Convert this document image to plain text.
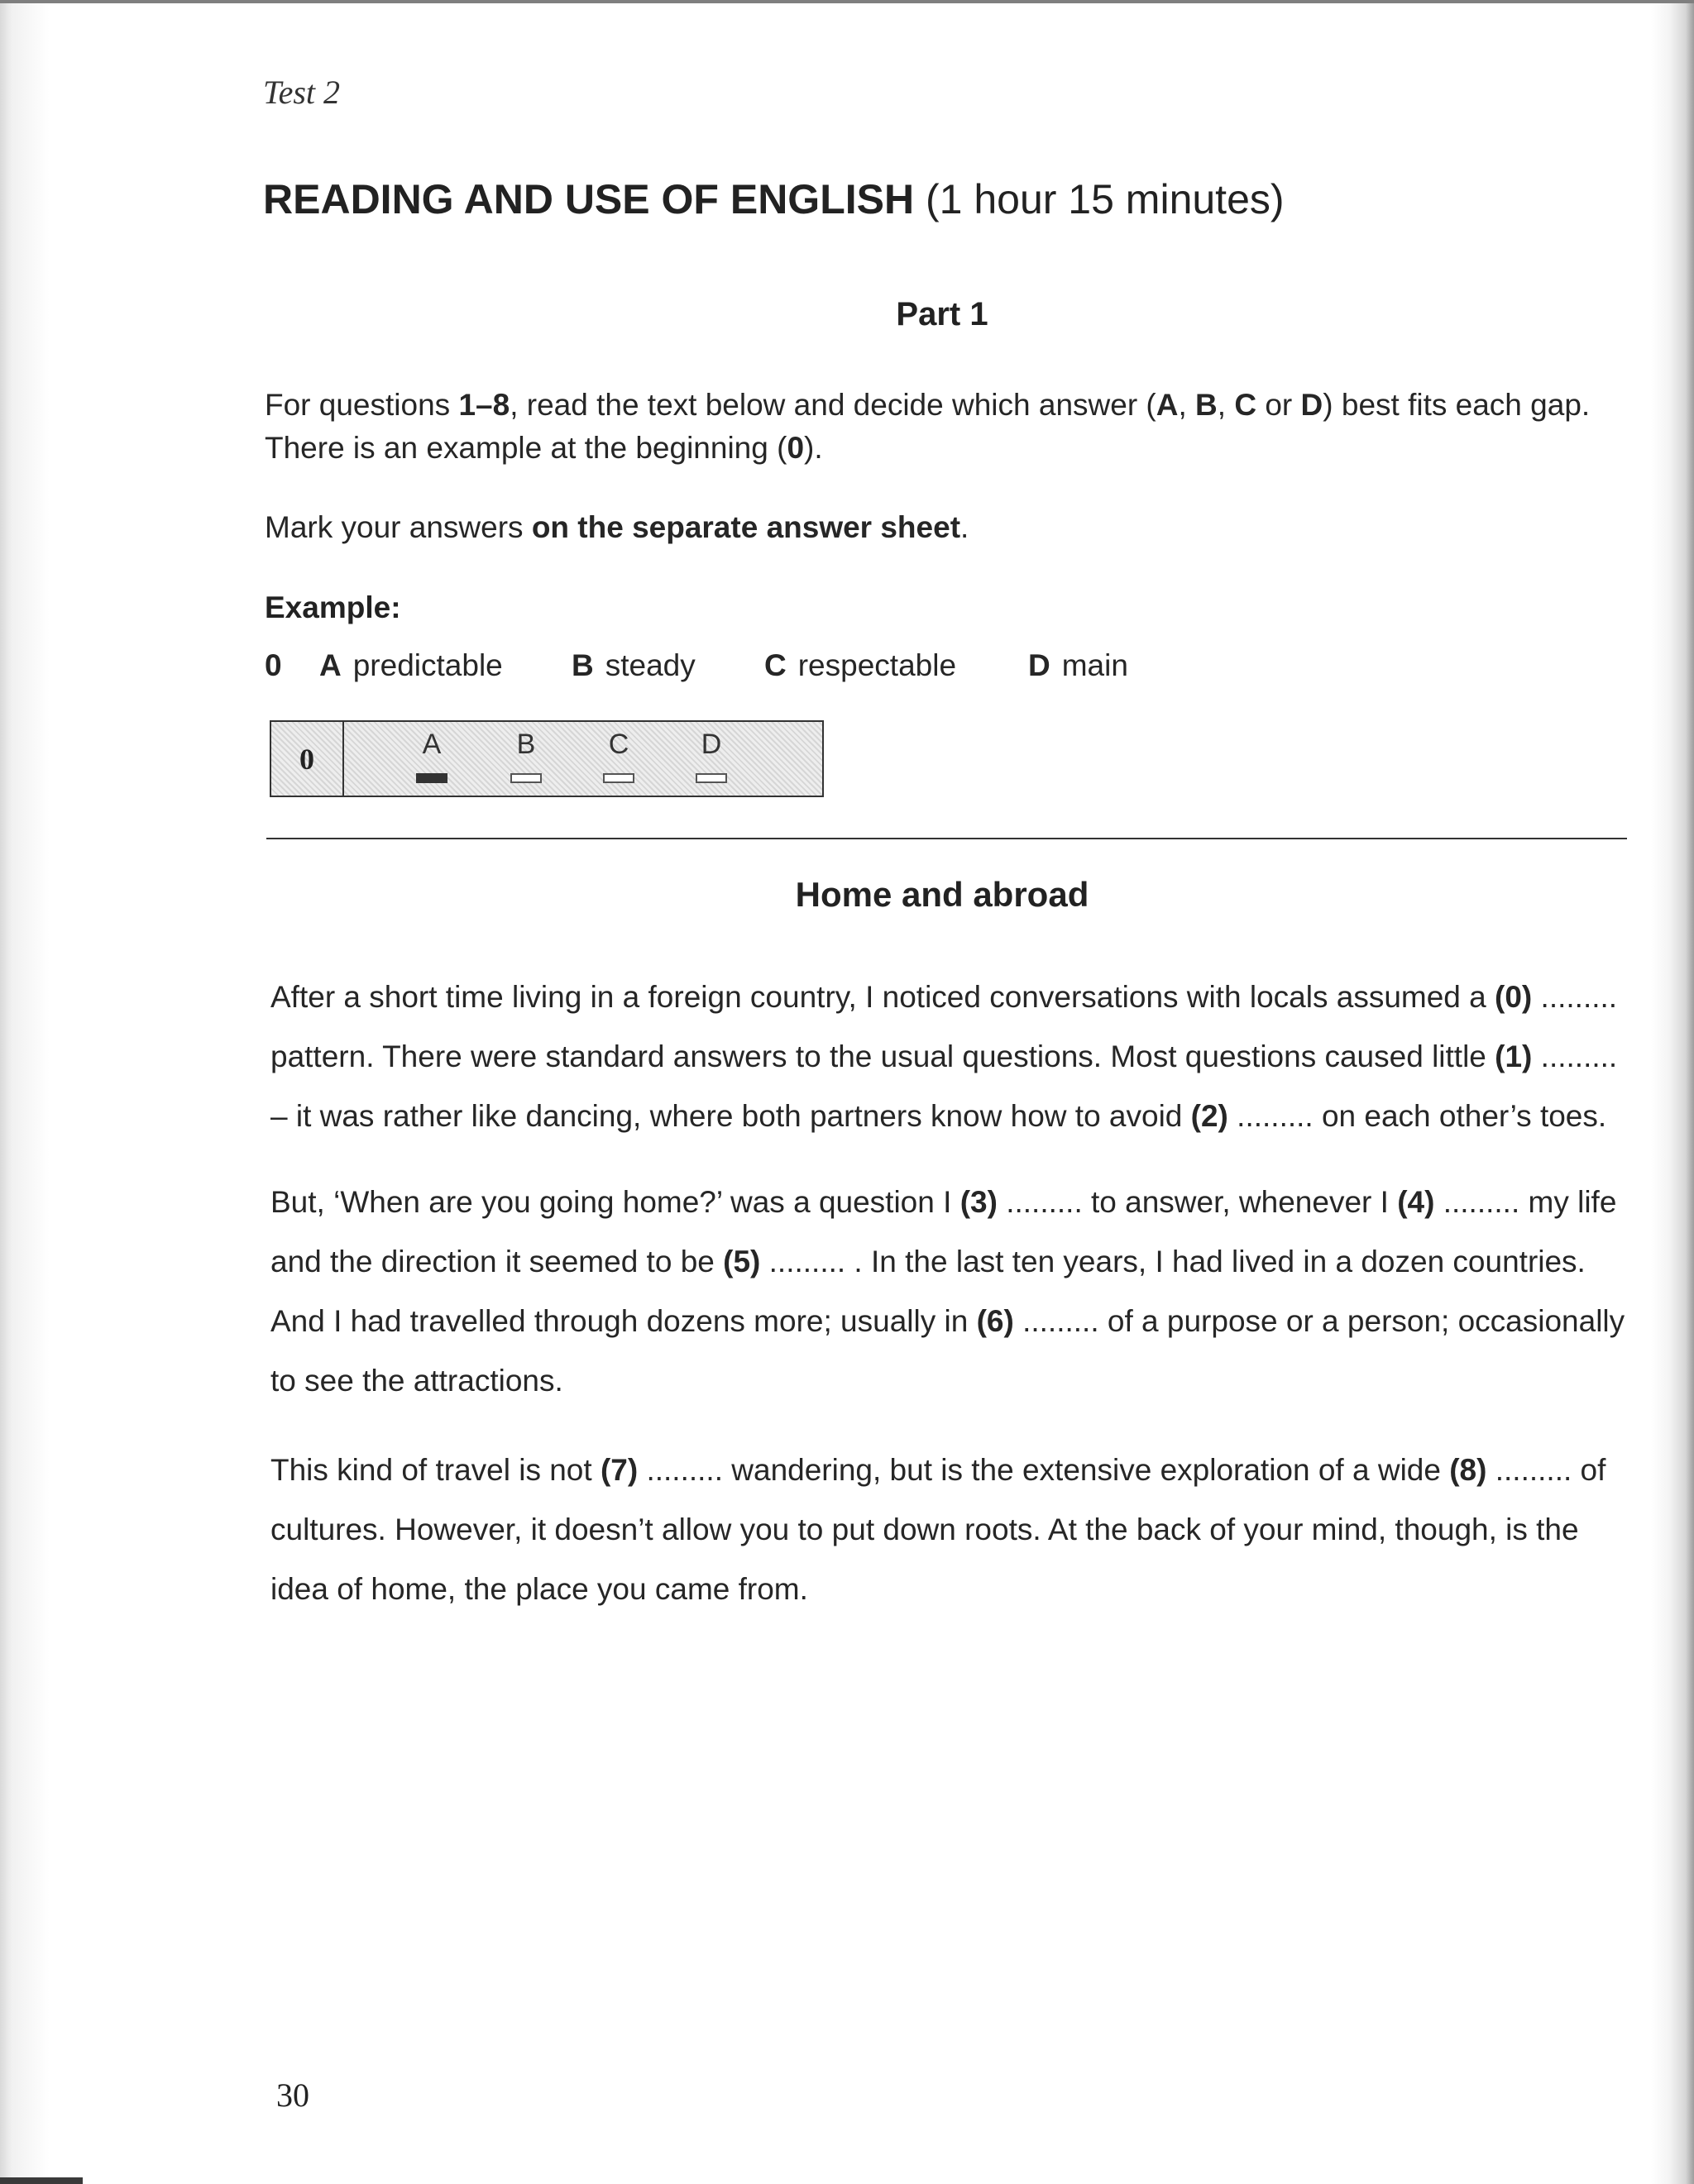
Test 2
READING AND USE OF ENGLISH (1 hour 15 minutes)
Part 1
For questions 1–8, read the text below and decide which answer (A, B, C or D) best fits each gap. There is an example at the beginning (0).
Mark your answers on the separate answer sheet.
Example:
0	A predictable B steady C respectable D main
0	A	B	C	D
Home and abroad
After a short time living in a foreign country, I noticed conversations with locals assumed a (0) ......... pattern. There were standard answers to the usual questions. Most questions caused little (1) ......... – it was rather like dancing, where both partners know how to avoid (2) ......... on each other’s toes.
But, ‘When are you going home?’ was a question I (3) ......... to answer, whenever I (4) ......... my life and the direction it seemed to be (5) ......... . In the last ten years, I had lived in a dozen countries. And I had travelled through dozens more; usually in (6) ......... of a purpose or a person; occasionally to see the attractions.
This kind of travel is not (7) ......... wandering, but is the extensive exploration of a wide (8) ......... of cultures. However, it doesn’t allow you to put down roots. At the back of your mind, though, is the idea of home, the place you came from.
30
